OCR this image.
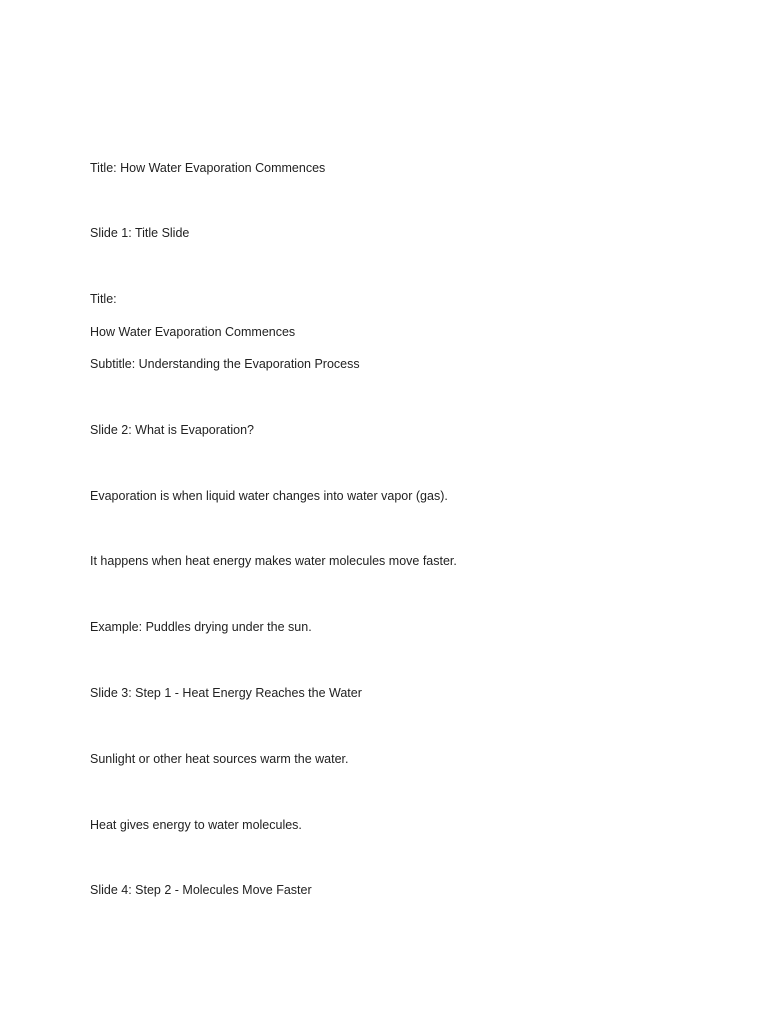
Title: How Water Evaporation Commences
Slide 1: Title Slide
Title:
How Water Evaporation Commences
Subtitle: Understanding the Evaporation Process
Slide 2: What is Evaporation?
Evaporation is when liquid water changes into water vapor (gas).
It happens when heat energy makes water molecules move faster.
Example: Puddles drying under the sun.
Slide 3: Step 1 - Heat Energy Reaches the Water
Sunlight or other heat sources warm the water.
Heat gives energy to water molecules.
Slide 4: Step 2 - Molecules Move Faster
